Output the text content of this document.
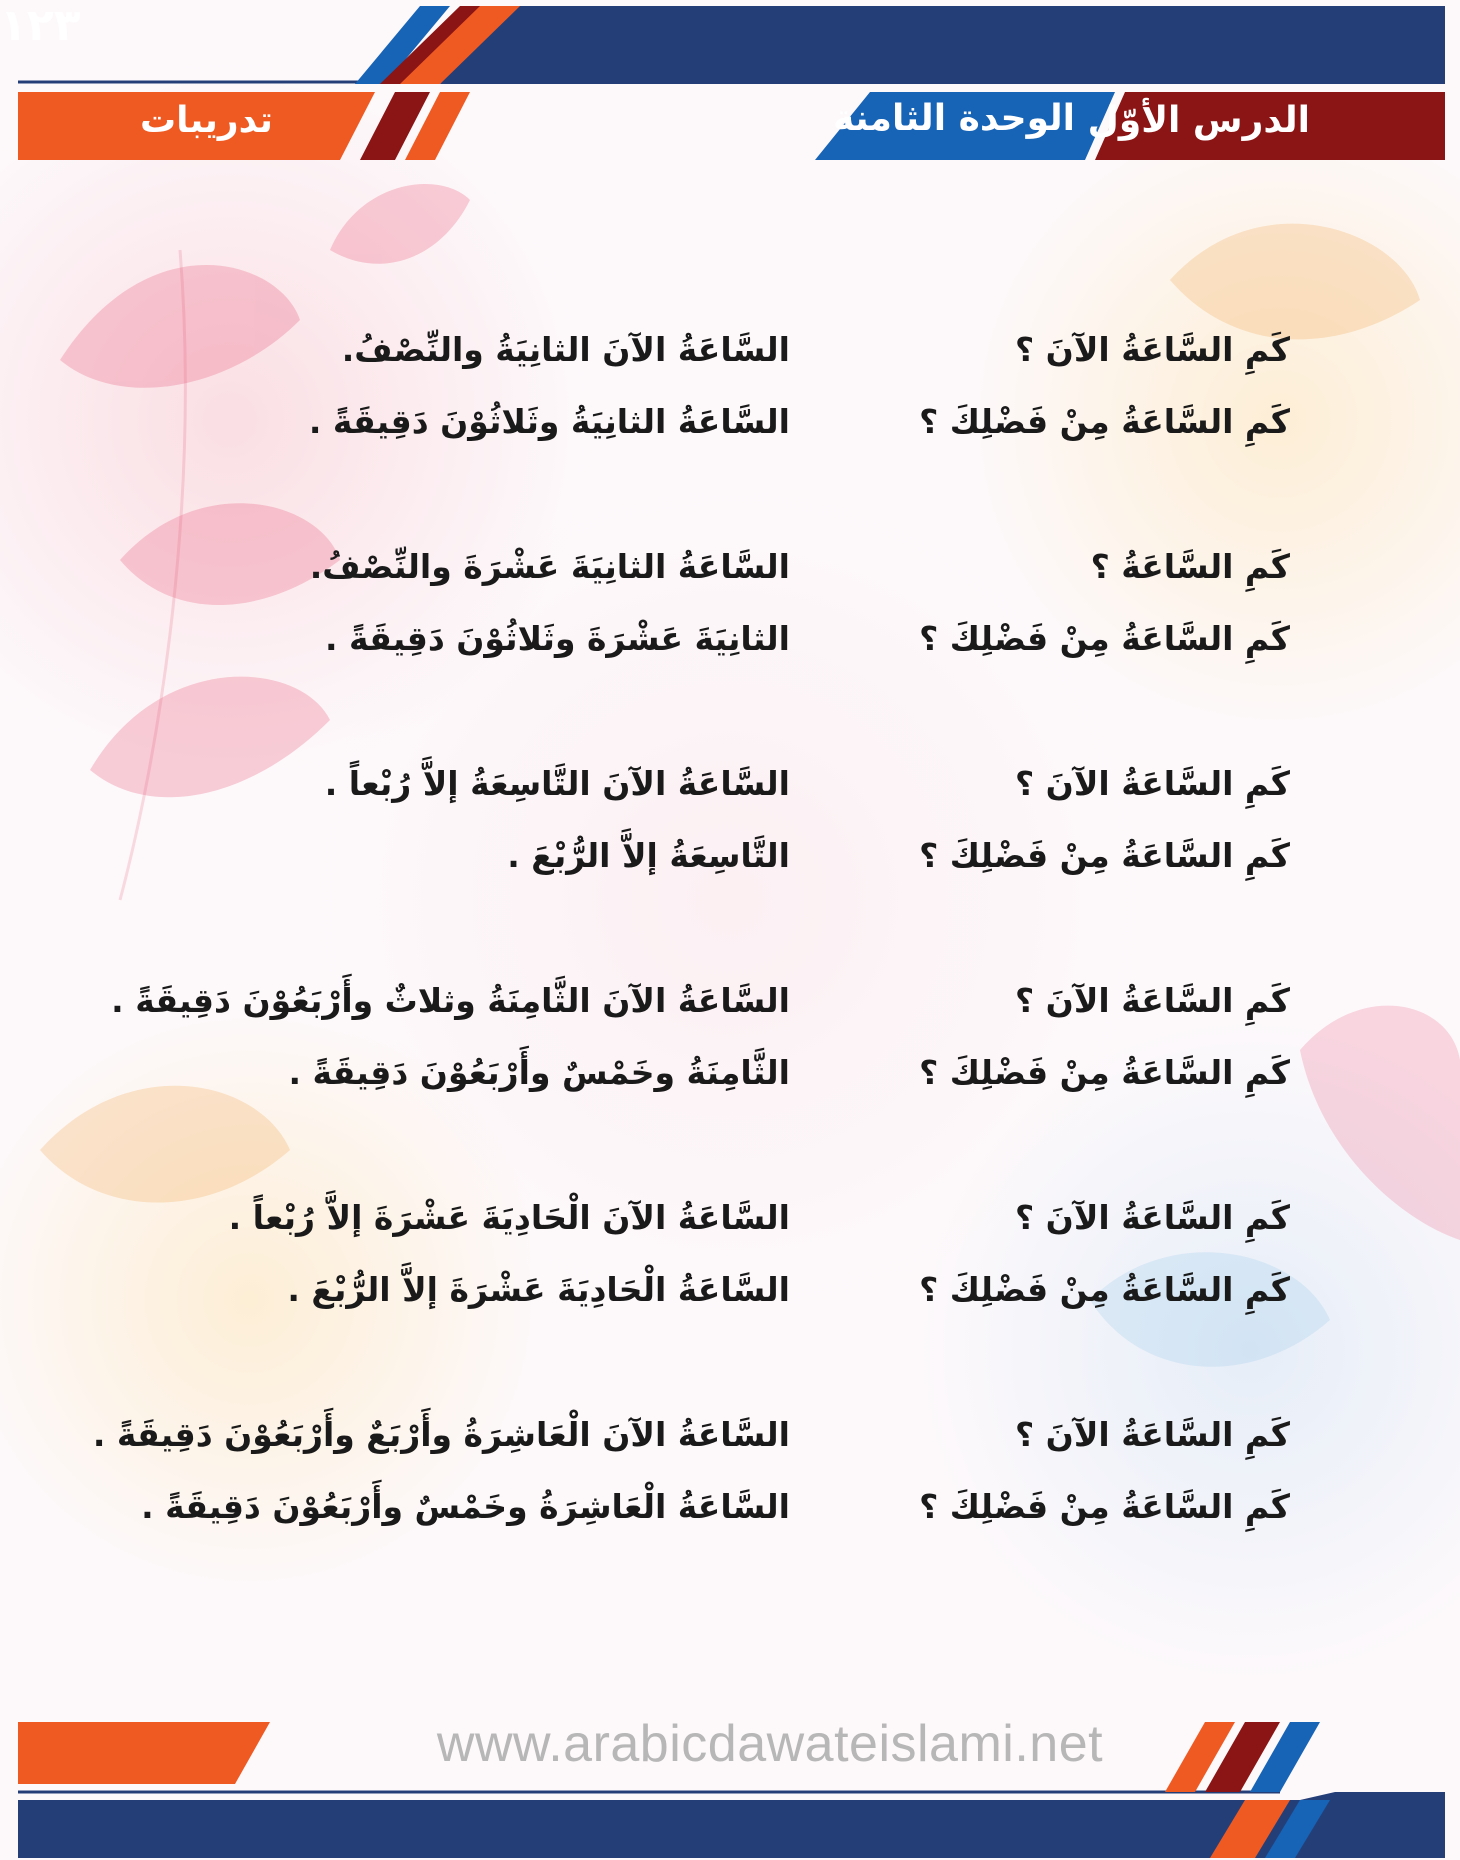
الدرس الأوّل
الوحدة الثامنة
تدريبات
كَمِ السَّاعَةُ الآنَ ؟
كَمِ السَّاعَةُ مِنْ فَضْلِكَ ؟
السَّاعَةُ الآنَ الثانِيَةُ والنِّصْفُ.
السَّاعَةُ الثانِيَةُ وثَلاثُوْنَ دَقِيقَةً .
كَمِ السَّاعَةُ ؟
كَمِ السَّاعَةُ مِنْ فَضْلِكَ ؟
السَّاعَةُ الثانِيَةَ عَشْرَةَ والنِّصْفُ.
الثانِيَةَ عَشْرَةَ وثَلاثُوْنَ دَقِيقَةً .
كَمِ السَّاعَةُ الآنَ ؟
كَمِ السَّاعَةُ مِنْ فَضْلِكَ ؟
السَّاعَةُ الآنَ التَّاسِعَةُ إلاَّ رُبْعاً .
التَّاسِعَةُ إلاَّ الرُّبْعَ .
كَمِ السَّاعَةُ الآنَ ؟
كَمِ السَّاعَةُ مِنْ فَضْلِكَ ؟
السَّاعَةُ الآنَ الثَّامِنَةُ وثلاثٌ وأَرْبَعُوْنَ دَقِيقَةً .
الثَّامِنَةُ وخَمْسٌ وأَرْبَعُوْنَ دَقِيقَةً .
كَمِ السَّاعَةُ الآنَ ؟
كَمِ السَّاعَةُ مِنْ فَضْلِكَ ؟
السَّاعَةُ الآنَ الْحَادِيَةَ عَشْرَةَ إلاَّ رُبْعاً .
السَّاعَةُ الْحَادِيَةَ عَشْرَةَ إلاَّ الرُّبْعَ .
كَمِ السَّاعَةُ الآنَ ؟
كَمِ السَّاعَةُ مِنْ فَضْلِكَ ؟
السَّاعَةُ الآنَ الْعَاشِرَةُ وأَرْبَعٌ وأَرْبَعُوْنَ دَقِيقَةً .
السَّاعَةُ الْعَاشِرَةُ وخَمْسٌ وأَرْبَعُوْنَ دَقِيقَةً .
١٢٣
www.arabicdawateislami.net
